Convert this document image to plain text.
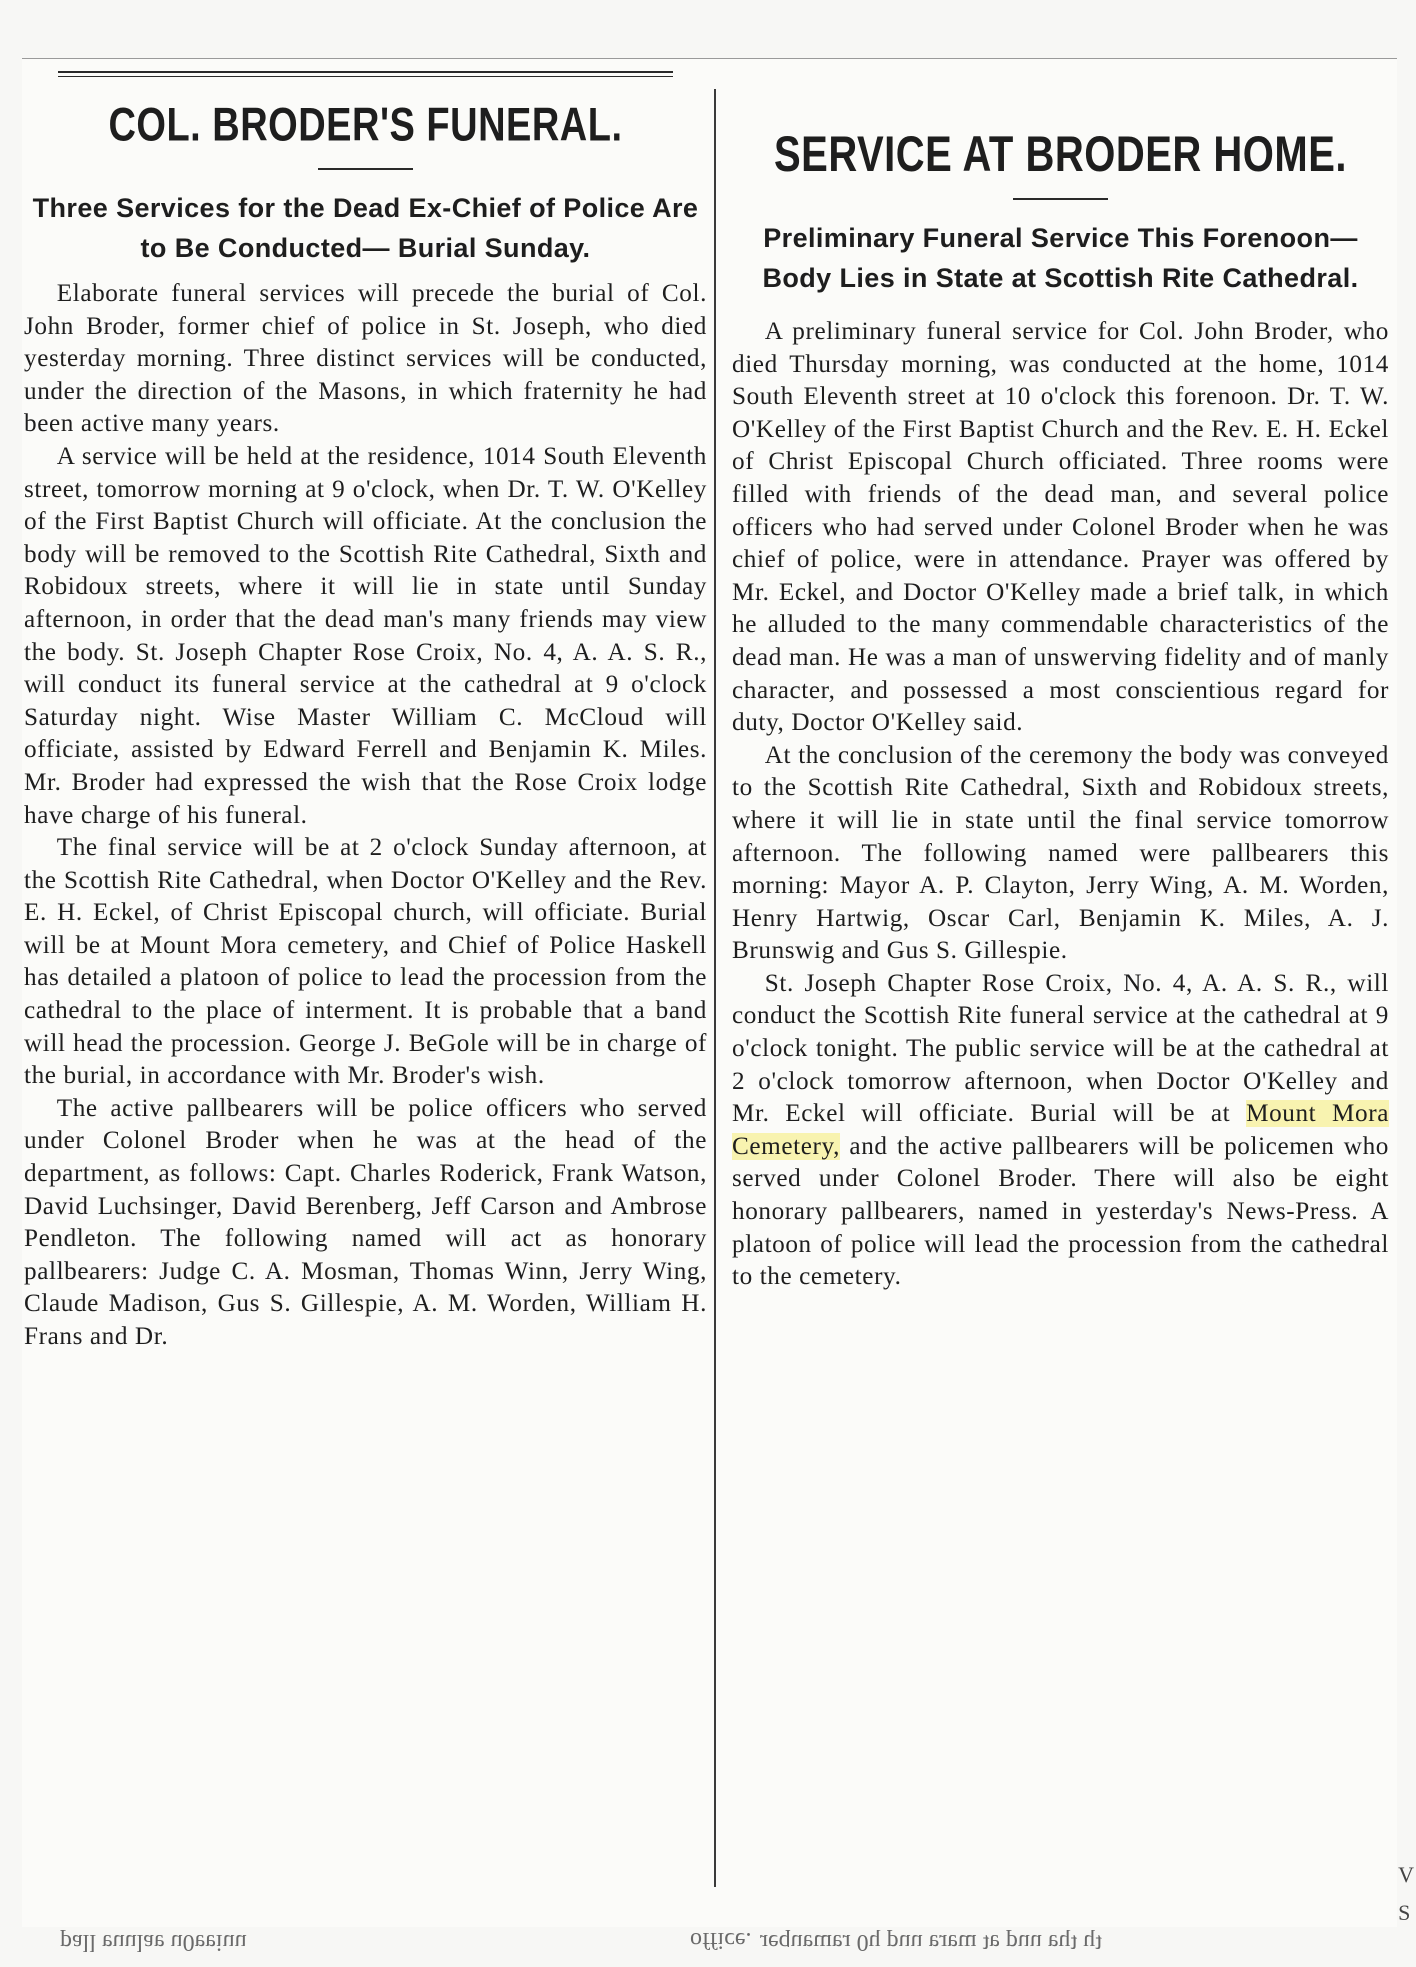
COL. BRODER'S FUNERAL.
Three Services for the Dead Ex-Chief of Police Are to Be Conducted— Burial Sunday.

Elaborate funeral services will precede the burial of Col. John Broder, former chief of police in St. Joseph, who died yesterday morning. Three distinct services will be conducted, under the direction of the Masons, in which fraternity he had been active many years.

A service will be held at the residence, 1014 South Eleventh street, tomorrow morning at 9 o'clock, when Dr. T. W. O'Kelley of the First Baptist Church will officiate. At the conclusion the body will be removed to the Scottish Rite Cathedral, Sixth and Robidoux streets, where it will lie in state until Sunday afternoon, in order that the dead man's many friends may view the body. St. Joseph Chapter Rose Croix, No. 4, A. A. S. R., will conduct its funeral service at the cathedral at 9 o'clock Saturday night. Wise Master William C. McCloud will officiate, assisted by Edward Ferrell and Benjamin K. Miles. Mr. Broder had expressed the wish that the Rose Croix lodge have charge of his funeral.

The final service will be at 2 o'clock Sunday afternoon, at the Scottish Rite Cathedral, when Doctor O'Kelley and the Rev. E. H. Eckel, of Christ Episcopal church, will officiate. Burial will be at Mount Mora cemetery, and Chief of Police Haskell has detailed a platoon of police to lead the procession from the cathedral to the place of interment. It is probable that a band will head the procession. George J. BeGole will be in charge of the burial, in accordance with Mr. Broder's wish.

The active pallbearers will be police officers who served under Colonel Broder when he was at the head of the department, as follows: Capt. Charles Roderick, Frank Watson, David Luchsinger, David Berenberg, Jeff Carson and Ambrose Pendleton. The following named will act as honorary pallbearers: Judge C. A. Mosman, Thomas Winn, Jerry Wing, Claude Madison, Gus S. Gillespie, A. M. Worden, William H. Frans and Dr.

SERVICE AT BRODER HOME.
Preliminary Funeral Service This Forenoon—Body Lies in State at Scottish Rite Cathedral.

A preliminary funeral service for Col. John Broder, who died Thursday morning, was conducted at the home, 1014 South Eleventh street at 10 o'clock this forenoon. Dr. T. W. O'Kelley of the First Baptist Church and the Rev. E. H. Eckel of Christ Episcopal Church officiated. Three rooms were filled with friends of the dead man, and several police officers who had served under Colonel Broder when he was chief of police, were in attendance. Prayer was offered by Mr. Eckel, and Doctor O'Kelley made a brief talk, in which he alluded to the many commendable characteristics of the dead man. He was a man of unswerving fidelity and of manly character, and possessed a most conscientious regard for duty, Doctor O'Kelley said.

At the conclusion of the ceremony the body was conveyed to the Scottish Rite Cathedral, Sixth and Robidoux streets, where it will lie in state until the final service tomorrow afternoon. The following named were pallbearers this morning: Mayor A. P. Clayton, Jerry Wing, A. M. Worden, Henry Hartwig, Oscar Carl, Benjamin K. Miles, A. J. Brunswig and Gus S. Gillespie.

St. Joseph Chapter Rose Croix, No. 4, A. A. S. R., will conduct the Scottish Rite funeral service at the cathedral at 9 o'clock tonight. The public service will be at the cathedral at 2 o'clock tomorrow afternoon, when Doctor O'Kelley and Mr. Eckel will officiate. Burial will be at Mount Mora Cemetery, and the active pallbearers will be policemen who served under Colonel Broder. There will also be eight honorary pallbearers, named in yesterday's News-Press. A platoon of police will lead the procession from the cathedral to the cemetery.

office.
pall ɐuulaɐ u0ɐɐiuu	ɹequɐɯɐɹ 0ɥ puu ɐɹɐɯ ʇɐ puu ɐɥʇ ɥʇ
V
S
